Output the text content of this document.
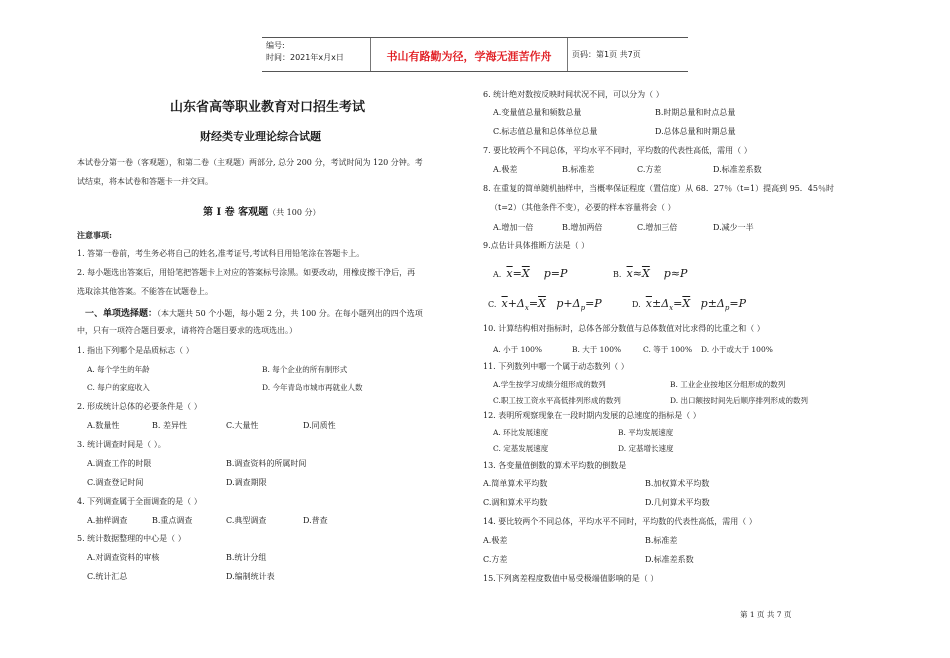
编号:
时间：2021年x月x日	书山有路勤为径，学海无涯苦作舟	页码：第1页 共7页
山东省高等职业教育对口招生考试
财经类专业理论综合试题
本试卷分第一卷（客观题），和第二卷（主观题）两部分, 总分 200 分，考试时间为 120 分钟。考
试结束，将本试卷和答题卡一并交回。
第 Ⅰ 卷 客观题（共 100 分）
注意事项:
1. 答第一卷前，考生务必将自己的姓名,准考证号,考试科目用铅笔涂在答题卡上。
2. 每小题选出答案后，用铅笔把答题卡上对应的答案标号涂黑。如要改动，用橡皮擦干净后，再
选取涂其他答案。不能答在试题卷上。
一、单项选择题：（本大题共 50 个小题，每小题 2 分，共 100 分。在每小题列出的四个选项
中，只有一项符合题目要求，请将符合题目要求的选项选出。）
1. 指出下列哪个是品质标志（ ）
A. 每个学生的年龄	B. 每个企业的所有制形式
C. 每户的家庭收入	D. 今年青岛市城市再就业人数
2. 形成统计总体的必要条件是（ ）
A.数量性	B. 差异性	C.大量性	D.同质性
3. 统计调查时间是（ ）。
A.调查工作的时限	B.调查资料的所属时间
C.调查登记时间	D.调查期限
4. 下列调查属于全面调查的是（ ）
A.抽样调查	B.重点调查	C.典型调查	D.普查
5. 统计数据整理的中心是（ ）
A.对调查资料的审核	B.统计分组
C.统计汇总	D.编制统计表
6. 统计绝对数按反映时间状况不同，可以分为（ ）
A.变量值总量和频数总量	B.时期总量和时点总量
C.标志值总量和总体单位总量	D.总体总量和时期总量
7. 要比较两个不同总体，平均水平不同时，平均数的代表性高低，需用（ ）
A.极差	B.标准差	C.方差	D.标准差系数
8. 在重复的简单随机抽样中，当概率保证程度（置信度）从 68．27％（t=1）提高到 95．45％时
（t=2）（其他条件不变），必要的样本容量将会（ ）
A.增加一倍	B.增加两倍	C.增加三倍	D.减少一半
9.点估计具体推断方法是（ ）
A. $\overline{x}=\overline{X}$    p=P	B. $\overline{x}\approx\overline{X}$    p≈P
C. $\overline{x}+\Delta_x=\overline{X}$   $p+\Delta_p=P$	D. $\overline{x}\pm\Delta_x=\overline{X}$   $p\pm\Delta_p=P$
10. 计算结构相对指标时，总体各部分数值与总体数值对比求得的比重之和（ ）
A. 小于 100%	B. 大于 100%	C. 等于 100% D. 小于或大于 100%
11. 下列数列中哪一个属于动态数列（ ）
A.学生按学习成绩分组形成的数列	B. 工业企业按地区分组形成的数列
C.职工按工资水平高低排列形成的数列	D. 出口额按时间先后顺序排列形成的数列
12. 表明所观察现象在一段时期内发展的总速度的指标是（ ）
A. 环比发展速度	B. 平均发展速度
C. 定基发展速度	D. 定基增长速度
13. 各变量值倒数的算术平均数的倒数是
A.简单算术平均数	B.加权算术平均数
C.调和算术平均数	D.几何算术平均数
14. 要比较两个不同总体，平均水平不同时，平均数的代表性高低，需用（ ）
A.极差	B.标准差
C.方差	D.标准差系数
15.下列离差程度数值中易受极端值影响的是（ ）
第 1 页 共 7 页
